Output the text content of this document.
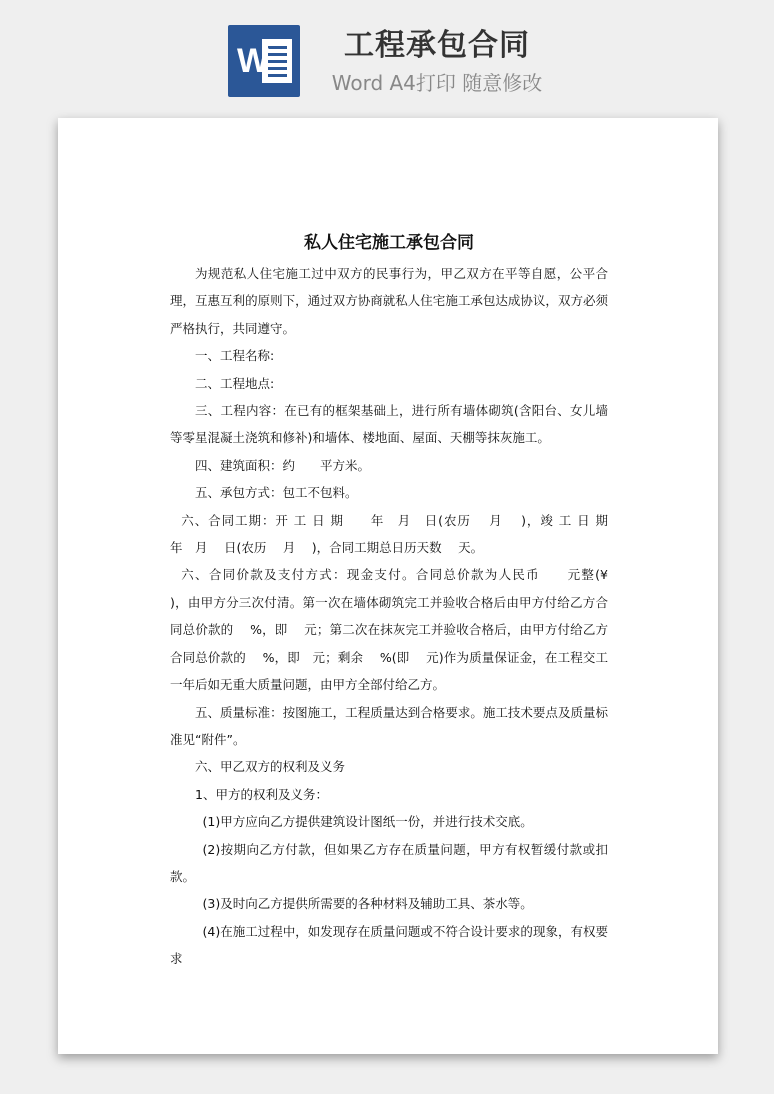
W	工程承包合同
Word A4打印 随意修改

私人住宅施工承包合同

为规范私人住宅施工过中双方的民事行为，甲乙双方在平等自愿，公平合理，互惠互利的原则下，通过双方协商就私人住宅施工承包达成协议，双方必须严格执行，共同遵守。

一、工程名称:

二、工程地点:

三、工程内容：在已有的框架基础上，进行所有墙体砌筑(含阳台、女儿墙等零星混凝土浇筑和修补)和墙体、楼地面、屋面、天棚等抹灰施工。

四、建筑面积：约　　平方米。

五、承包方式：包工不包料。

六、合同工期：开 工 日 期　　年　月　日(农历　 月　 )，竣 工 日 期　　年　月　 日(农历　 月　 )，合同工期总日历天数　 天。

六、合同价款及支付方式：现金支付。合同总价款为人民币　　元整(¥　　 )，由甲方分三次付清。第一次在墙体砌筑完工并验收合格后由甲方付给乙方合同总价款的　 %，即　 元；第二次在抹灰完工并验收合格后，由甲方付给乙方合同总价款的　 %，即　元；剩余　 %(即　 元)作为质量保证金，在工程交工一年后如无重大质量问题，由甲方全部付给乙方。

五、质量标准：按图施工，工程质量达到合格要求。施工技术要点及质量标准见“附件”。

六、甲乙双方的权利及义务

1、甲方的权利及义务：

(1)甲方应向乙方提供建筑设计图纸一份，并进行技术交底。

(2)按期向乙方付款，但如果乙方存在质量问题，甲方有权暂缓付款或扣款。

(3)及时向乙方提供所需要的各种材料及辅助工具、茶水等。

(4)在施工过程中，如发现存在质量问题或不符合设计要求的现象，有权要求
